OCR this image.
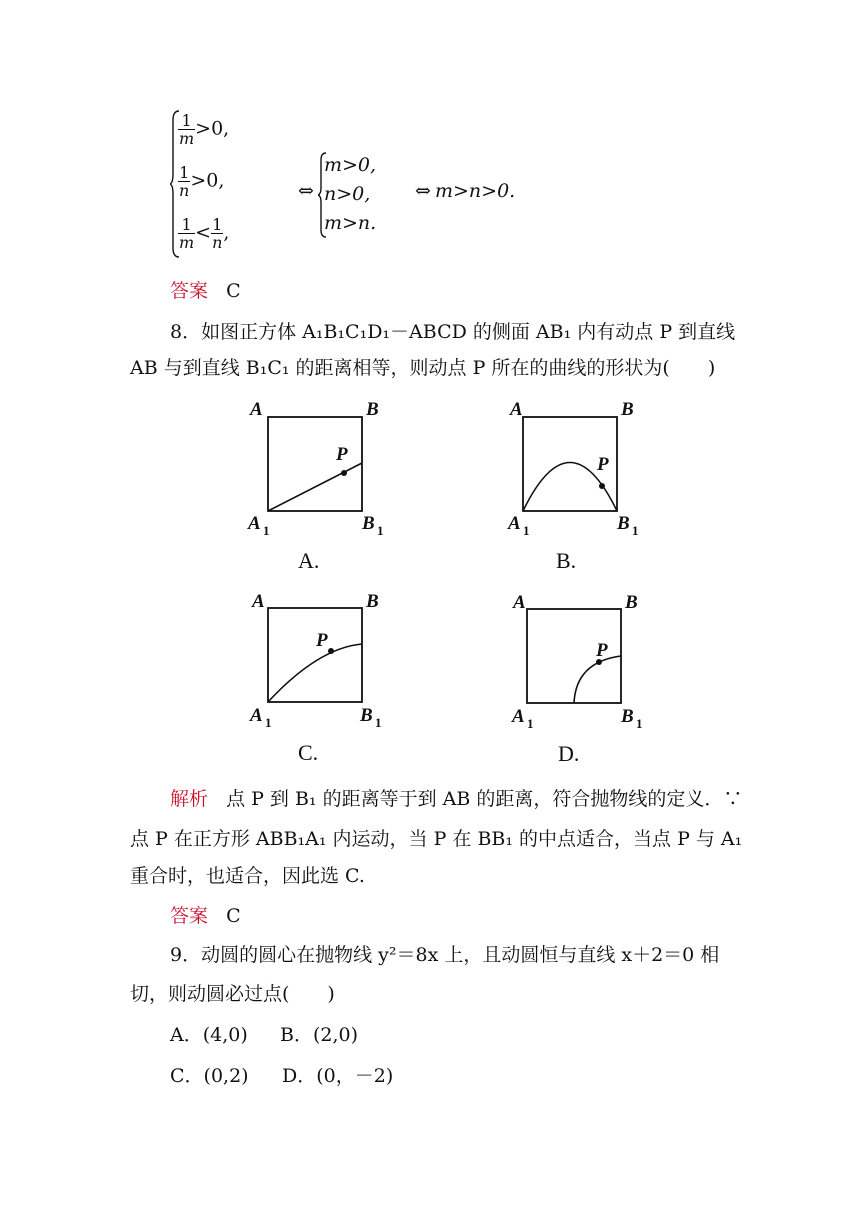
$\frac{1}{m} >0$,
$\frac{1}{n} >0$,
$\frac{1}{m} < \frac{1}{n}$ ,
⇔
m>0,
n>0,
m>n.
⇔ m>n>0.
答案 C
8．如图正方体 A₁B₁C₁D₁－ABCD 的侧面 AB₁ 内有动点 P 到直线
AB 与到直线 B₁C₁ 的距离相等，则动点 P 所在的曲线的形状为(　　)
A	B
P
A 1	B 1
A.
A	B
P
A 1	B 1
B.
A	B
P
A 1	B 1
C.
A	B
P
A 1	B 1
D.
解析 点 P 到 B₁ 的距离等于到 AB 的距离，符合抛物线的定义．∵
点 P 在正方形 ABB₁A₁ 内运动，当 P 在 BB₁ 的中点适合，当点 P 与 A₁
重合时，也适合，因此选 C.
答案 C
9．动圆的圆心在抛物线 y²＝8x 上，且动圆恒与直线 x＋2＝0 相
切，则动圆必过点(　　)
A．(4,0) B．(2,0)
C．(0,2) D．(0，－2)
